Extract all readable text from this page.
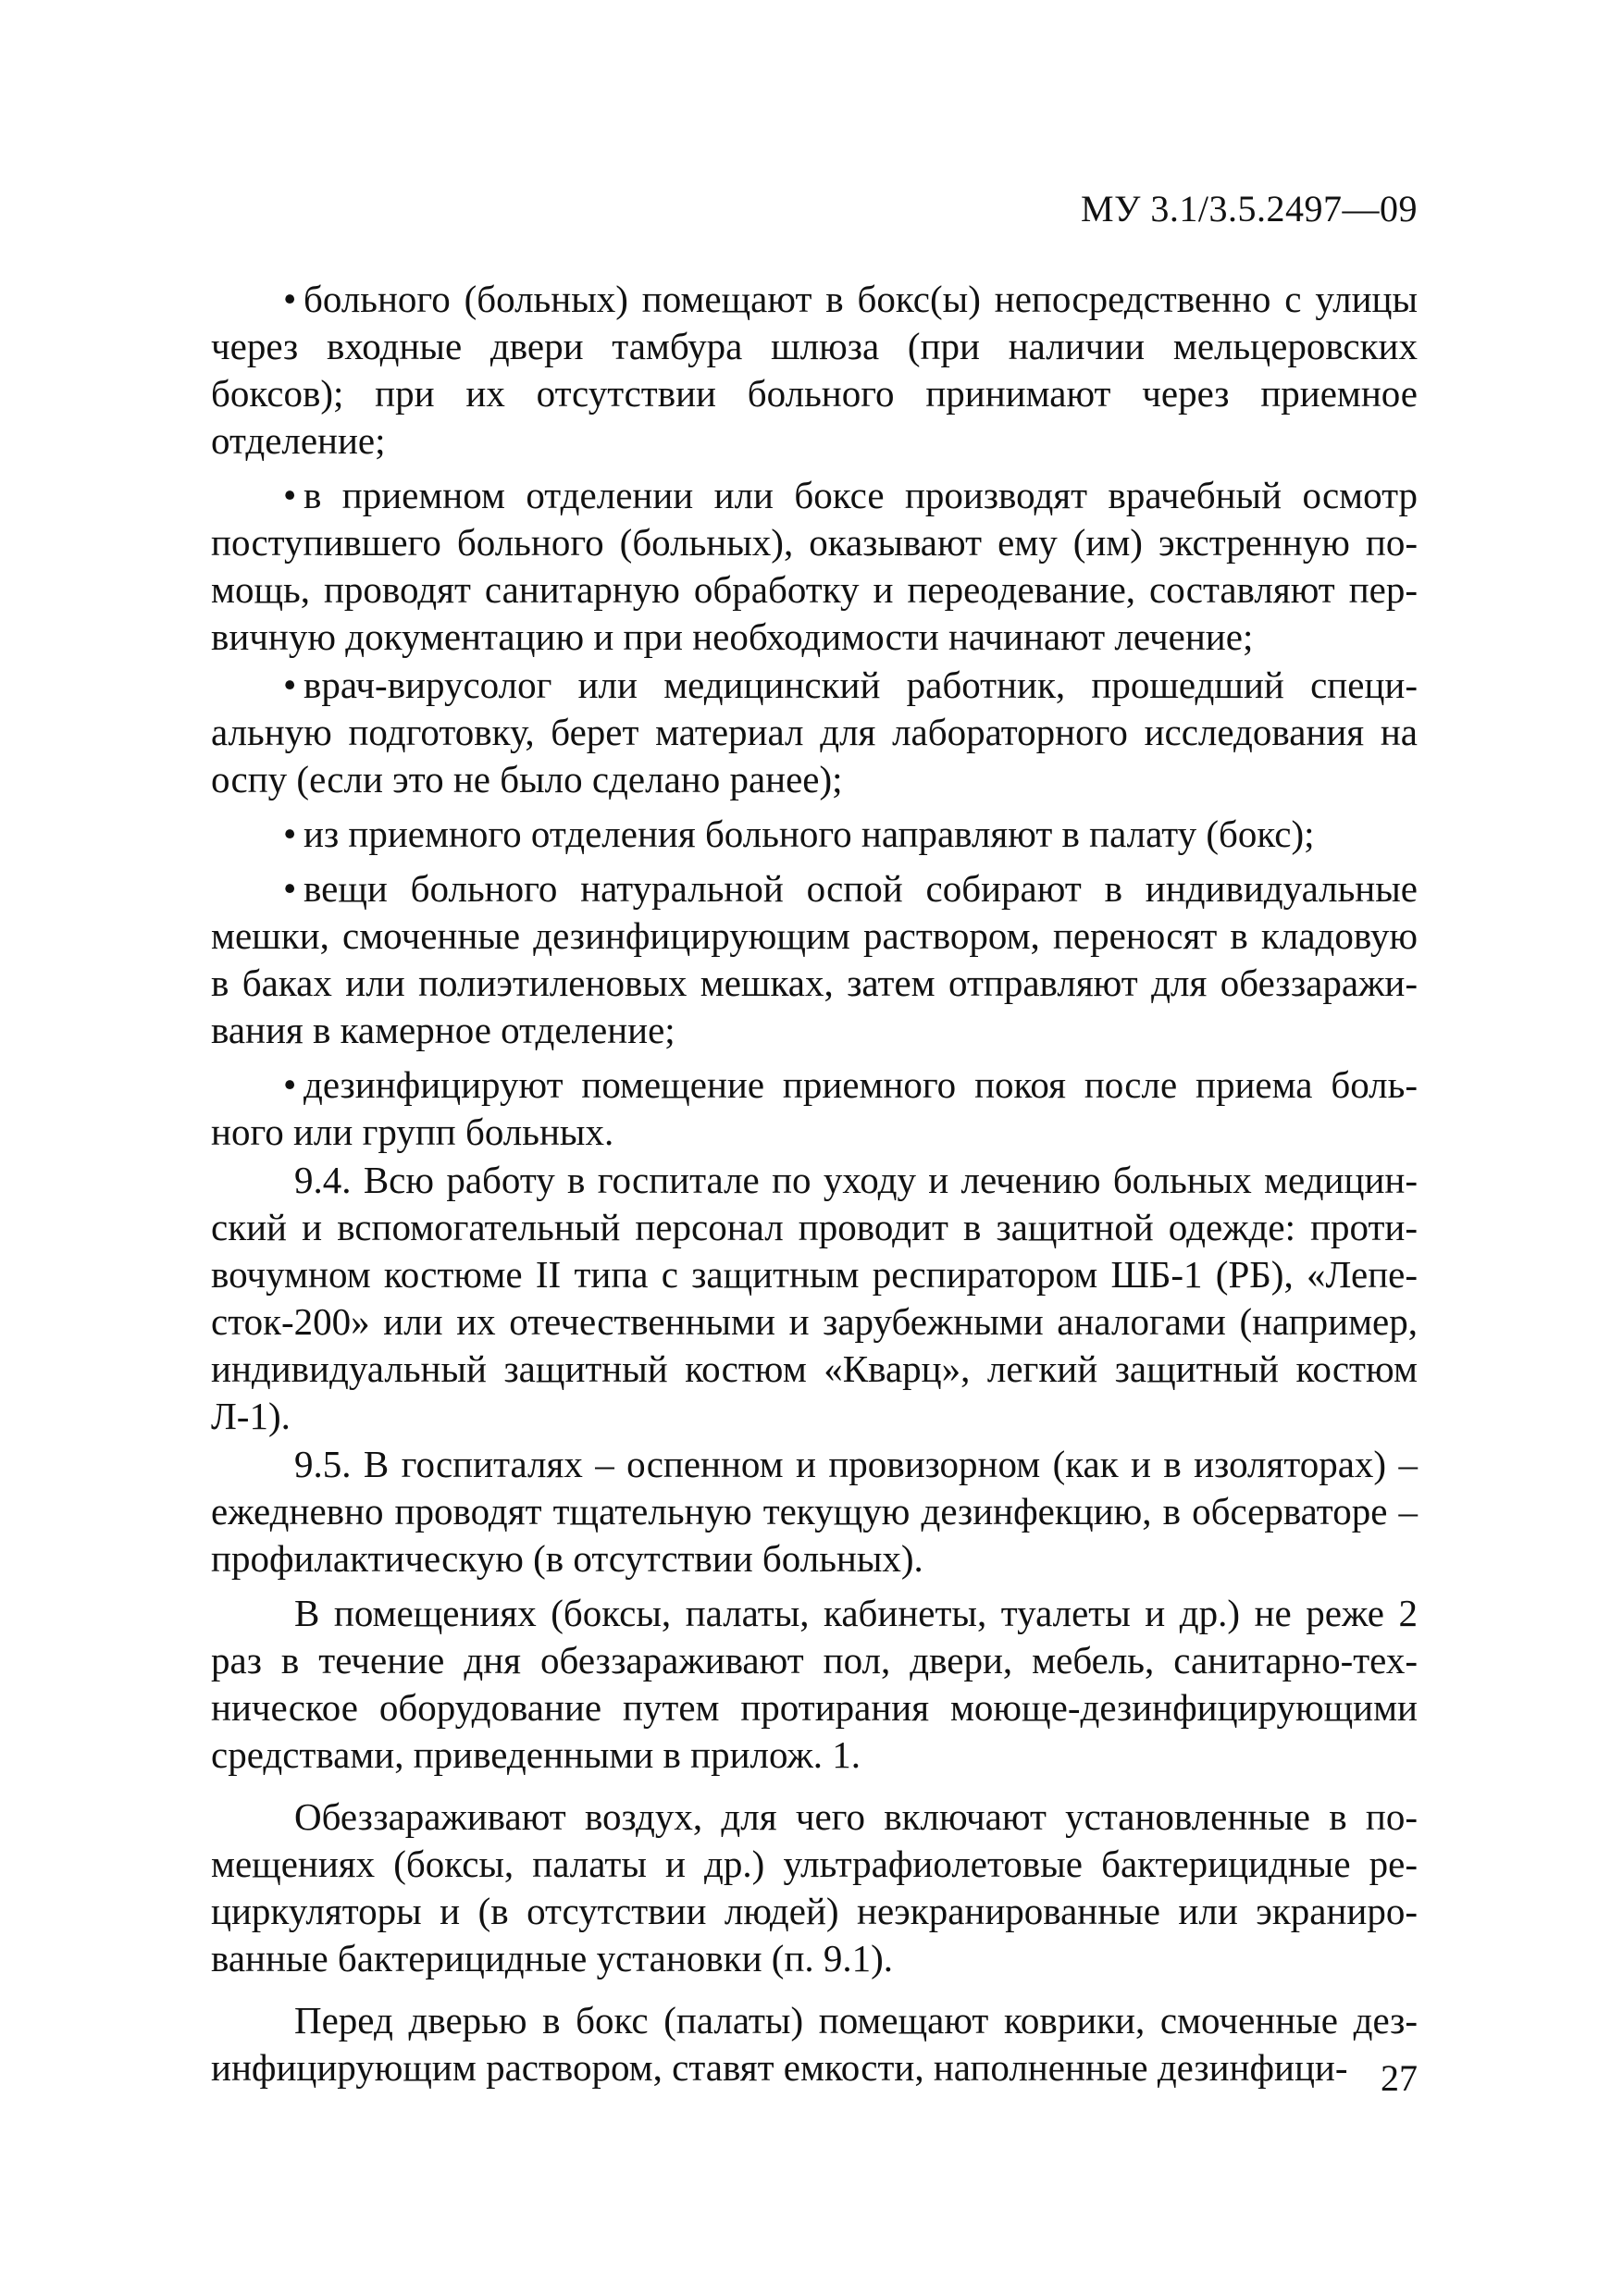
МУ 3.1/3.5.2497—09

• больного (больных) помещают в бокс(ы) непосредственно с улицы через входные двери тамбура шлюза (при наличии мельцеровских боксов); при их отсутствии больного принимают через приемное отделение;

• в приемном отделении или боксе производят врачебный осмотр поступившего больного (больных), оказывают ему (им) экстренную помощь, проводят санитарную обработку и переодевание, составляют первичную документацию и при необходимости начинают лечение;

• врач-вирусолог или медицинский работник, прошедший специальную подготовку, берет материал для лабораторного исследования на оспу (если это не было сделано ранее);

• из приемного отделения больного направляют в палату (бокс);

• вещи больного натуральной оспой собирают в индивидуальные мешки, смоченные дезинфицирующим раствором, переносят в кладовую в баках или полиэтиленовых мешках, затем отправляют для обеззараживания в камерное отделение;

• дезинфицируют помещение приемного покоя после приема больного или групп больных.

9.4. Всю работу в госпитале по уходу и лечению больных медицинский и вспомогательный персонал проводит в защитной одежде: противочумном костюме II типа с защитным респиратором ШБ-1 (РБ), «Лепесток-200» или их отечественными и зарубежными аналогами (например, индивидуальный защитный костюм «Кварц», легкий защитный костюм Л-1).

9.5. В госпиталях – оспенном и провизорном (как и в изоляторах) – ежедневно проводят тщательную текущую дезинфекцию, в обсерваторе – профилактическую (в отсутствии больных).

В помещениях (боксы, палаты, кабинеты, туалеты и др.) не реже 2 раз в течение дня обеззараживают пол, двери, мебель, санитарно-техническое оборудование путем протирания моюще-дезинфицирующими средствами, приведенными в прилож. 1.

Обеззараживают воздух, для чего включают установленные в помещениях (боксы, палаты и др.) ультрафиолетовые бактерицидные рециркуляторы и (в отсутствии людей) неэкранированные или экранированные бактерицидные установки (п. 9.1).

Перед дверью в бокс (палаты) помещают коврики, смоченные дезинфицирующим раствором, ставят емкости, наполненные дезинфици- 27
